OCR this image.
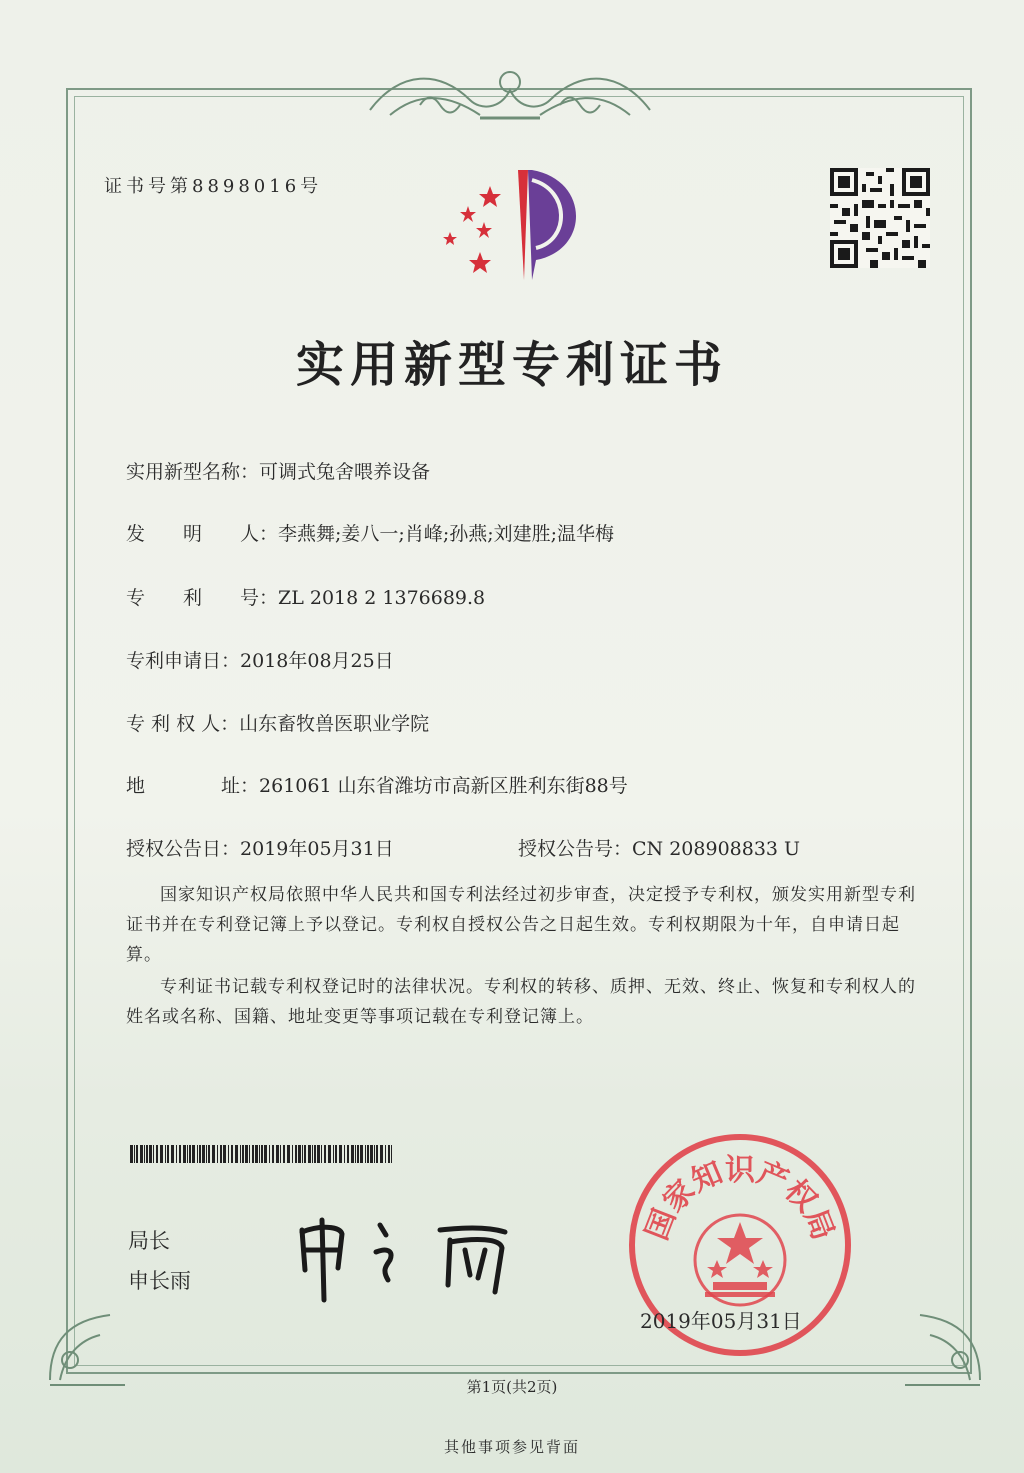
证书号第8898016号
实用新型专利证书
实用新型名称：可调式兔舍喂养设备
发　　明　　人：李燕舞;姜八一;肖峰;孙燕;刘建胜;温华梅
专　　利　　号：ZL 2018 2 1376689.8
专利申请日：2018年08月25日
专 利 权 人：山东畜牧兽医职业学院
地　　　　址：261061 山东省潍坊市高新区胜利东街88号
授权公告日：2019年05月31日	授权公告号：CN 208908833 U
国家知识产权局依照中华人民共和国专利法经过初步审查，决定授予专利权，颁发实用新型专利证书并在专利登记簿上予以登记。专利权自授权公告之日起生效。专利权期限为十年，自申请日起算。
专利证书记载专利权登记时的法律状况。专利权的转移、质押、无效、终止、恢复和专利权人的姓名或名称、国籍、地址变更等事项记载在专利登记簿上。
局长
申长雨
国家知识产权局
2019年05月31日
第1页(共2页)
其他事项参见背面
